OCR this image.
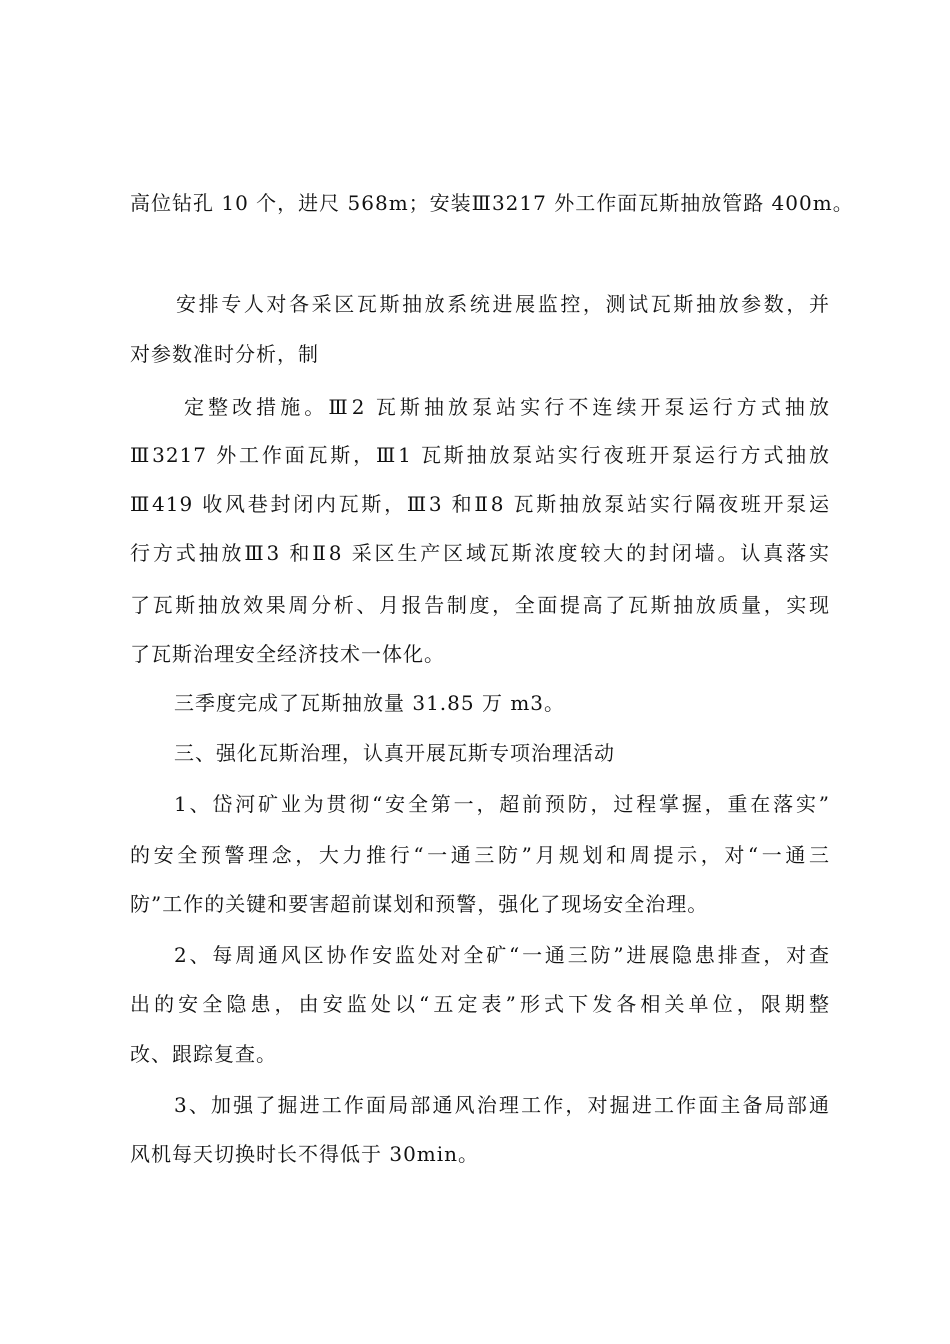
高位钻孔 10 个，进尺 568m；安装Ⅲ3217 外工作面瓦斯抽放管路 400m。
安排专人对各采区瓦斯抽放系统进展监控，测试瓦斯抽放参数，并
对参数准时分析，制
定整改措施。Ⅲ2 瓦斯抽放泵站实行不连续开泵运行方式抽放
Ⅲ3217 外工作面瓦斯，Ⅲ1 瓦斯抽放泵站实行夜班开泵运行方式抽放
Ⅲ419 收风巷封闭内瓦斯，Ⅲ3 和Ⅱ8 瓦斯抽放泵站实行隔夜班开泵运
行方式抽放Ⅲ3 和Ⅱ8 采区生产区域瓦斯浓度较大的封闭墙。认真落实
了瓦斯抽放效果周分析、月报告制度，全面提高了瓦斯抽放质量，实现
了瓦斯治理安全经济技术一体化。
三季度完成了瓦斯抽放量 31.85 万 m3。
三、强化瓦斯治理，认真开展瓦斯专项治理活动
1、岱河矿业为贯彻“安全第一，超前预防，过程掌握，重在落实”
的安全预警理念，大力推行“一通三防”月规划和周提示，对“一通三
防”工作的关键和要害超前谋划和预警，强化了现场安全治理。
2、每周通风区协作安监处对全矿“一通三防”进展隐患排查，对查
出的安全隐患，由安监处以“五定表”形式下发各相关单位，限期整
改、跟踪复查。
3、加强了掘进工作面局部通风治理工作，对掘进工作面主备局部通
风机每天切换时长不得低于 30min。
